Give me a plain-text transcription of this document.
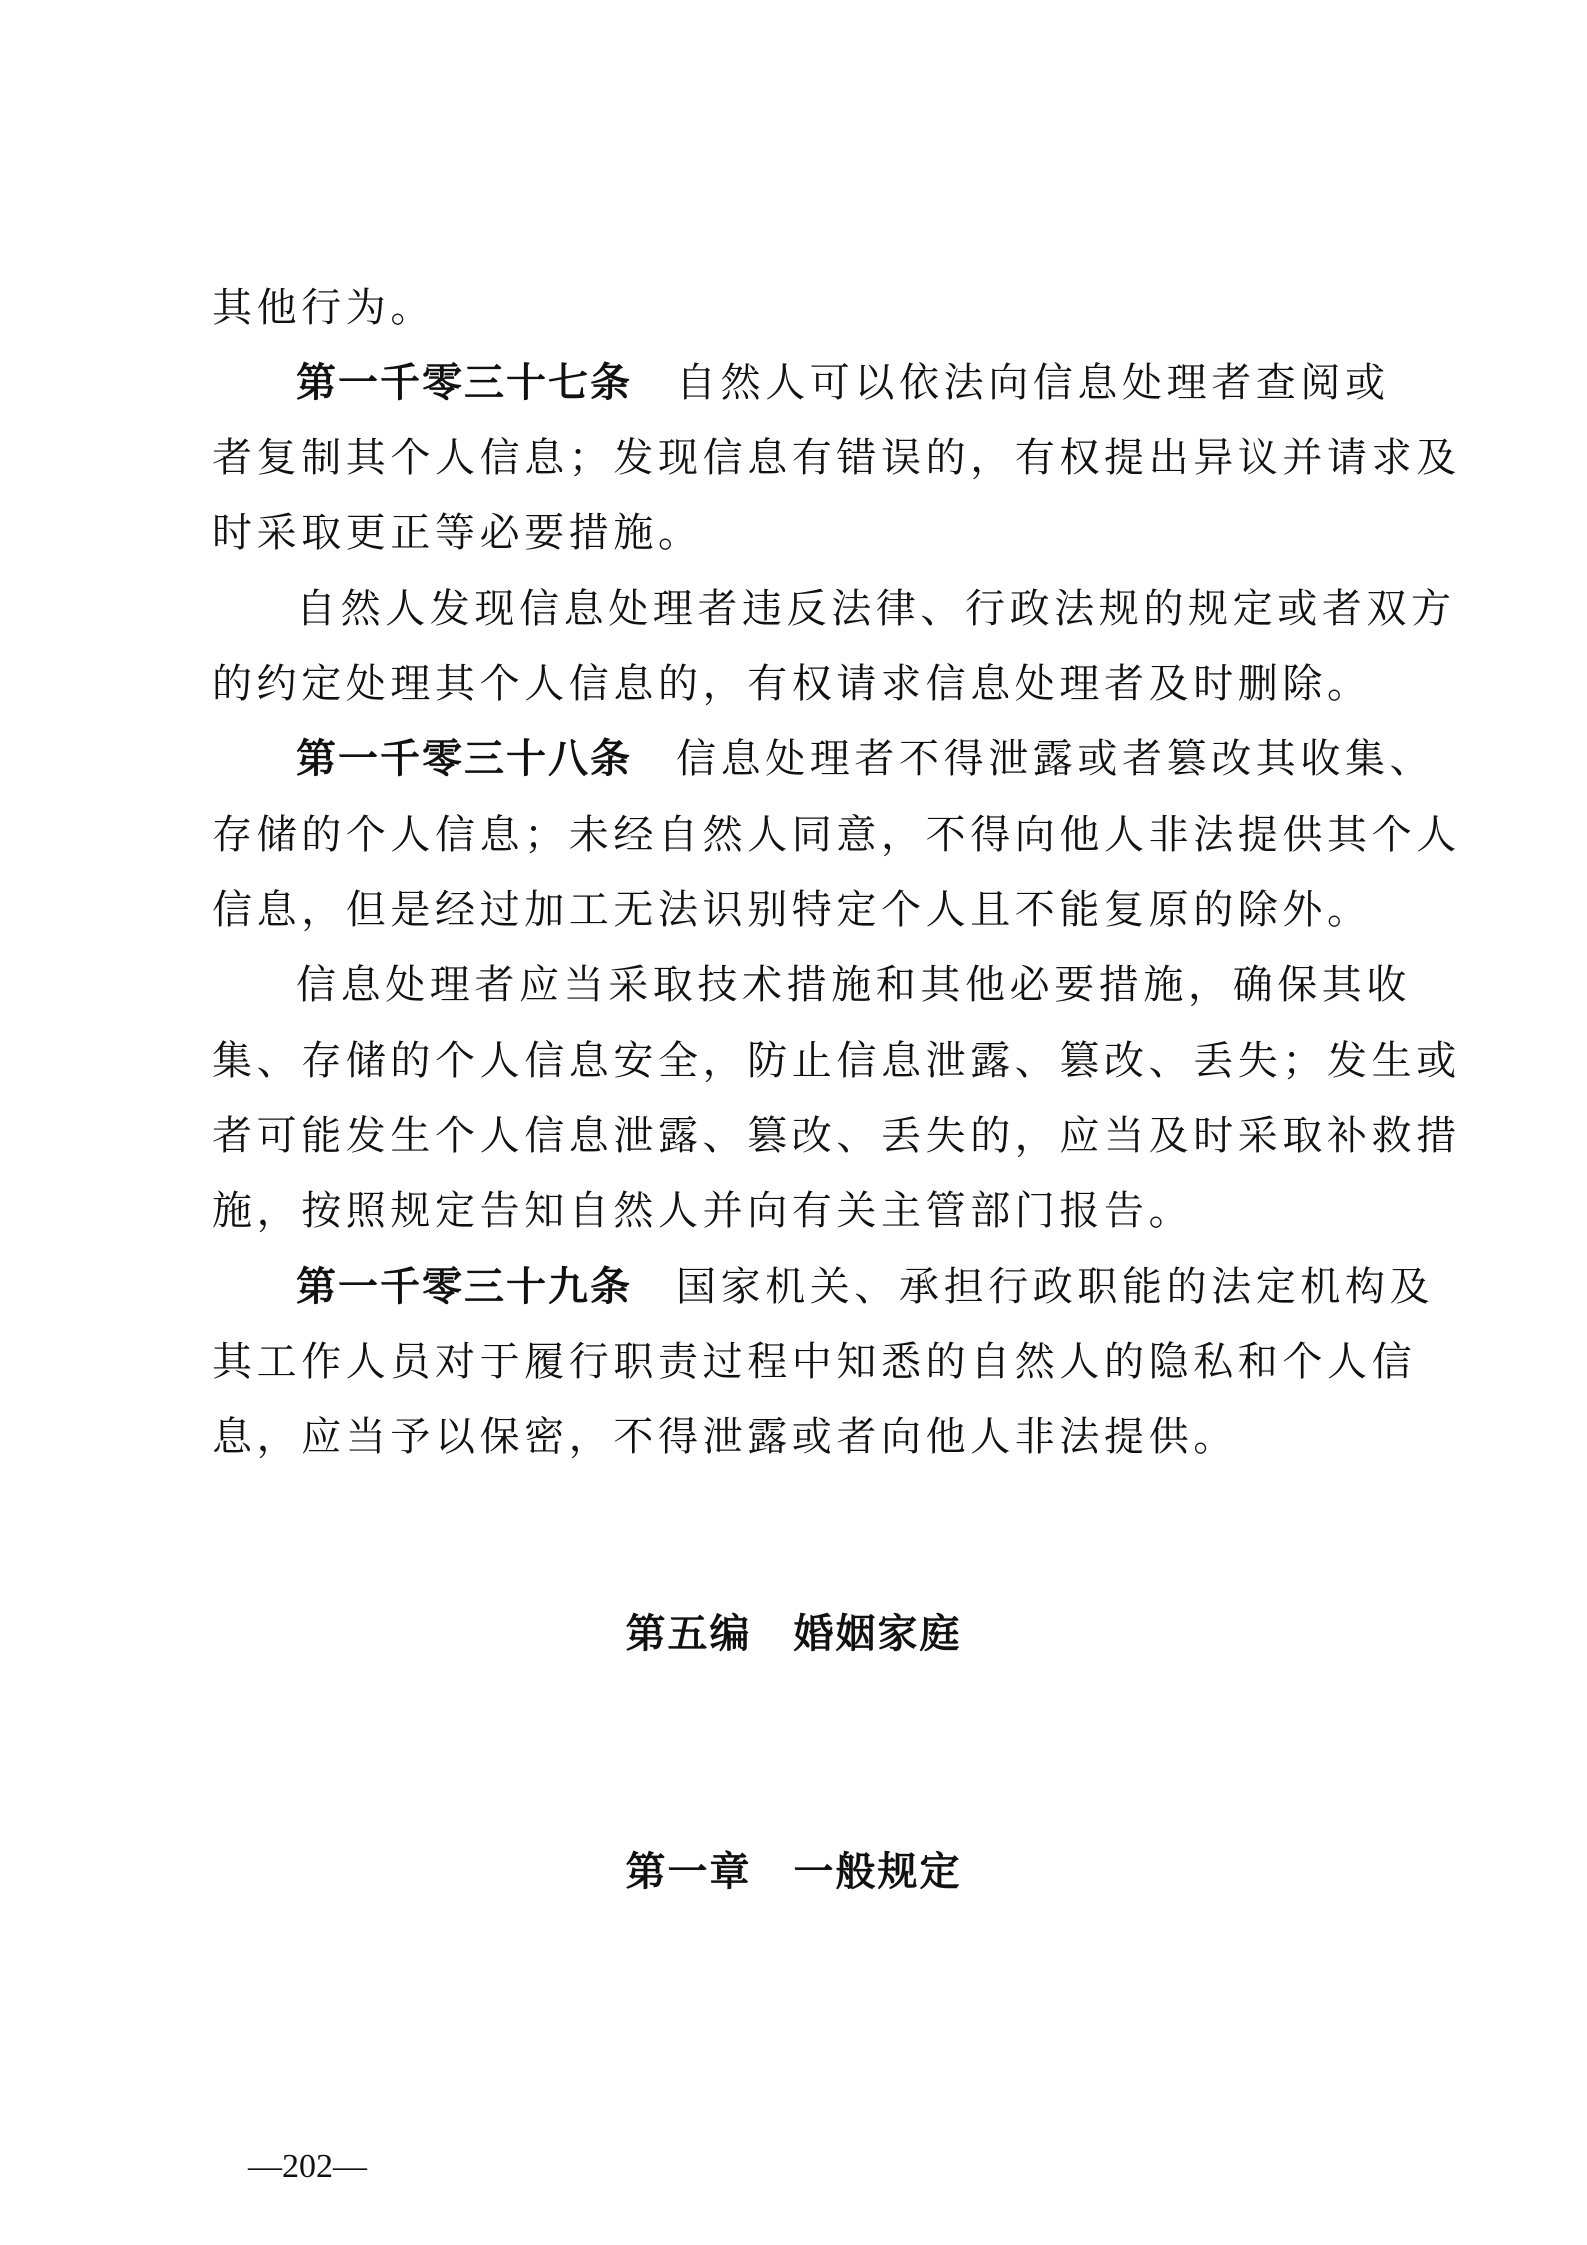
其他行为。
第一千零三十七条 自然人可以依法向信息处理者查阅或
者复制其个人信息；发现信息有错误的，有权提出异议并请求及
时采取更正等必要措施。
自然人发现信息处理者违反法律、行政法规的规定或者双方
的约定处理其个人信息的，有权请求信息处理者及时删除。
第一千零三十八条 信息处理者不得泄露或者篡改其收集、
存储的个人信息；未经自然人同意，不得向他人非法提供其个人
信息，但是经过加工无法识别特定个人且不能复原的除外。
信息处理者应当采取技术措施和其他必要措施，确保其收
集、存储的个人信息安全，防止信息泄露、篡改、丢失；发生或
者可能发生个人信息泄露、篡改、丢失的，应当及时采取补救措
施，按照规定告知自然人并向有关主管部门报告。
第一千零三十九条 国家机关、承担行政职能的法定机构及
其工作人员对于履行职责过程中知悉的自然人的隐私和个人信
息，应当予以保密，不得泄露或者向他人非法提供。
第五编　婚姻家庭
第一章　一般规定
—202—
